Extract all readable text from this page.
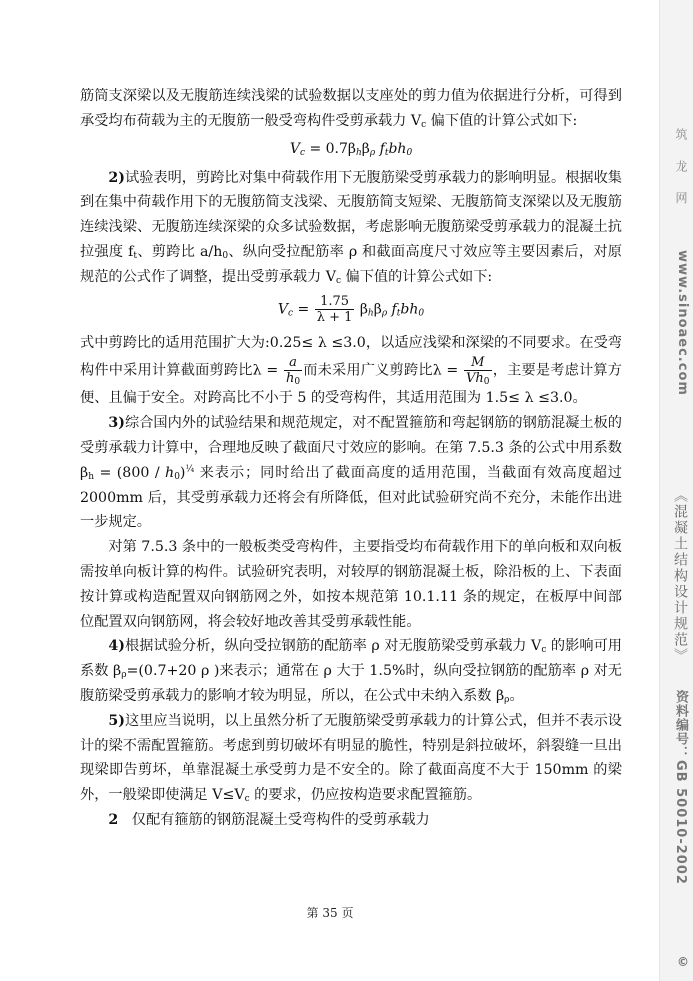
筋筒支深梁以及无腹筋连续浅梁的试验数据以支座处的剪力值为依据进行分析，可得到承受均布荷载为主的无腹筋一般受弯构件受剪承载力 $V_c$ 偏下值的计算公式如下:

$V_c = 0.7\beta_h\beta_\rho$ $f_tbh_0$

2)试验表明，剪跨比对集中荷载作用下无腹筋梁受剪承载力的影响明显。根据收集到在集中荷载作用下的无腹筋简支浅梁、无腹筋简支短梁、无腹筋简支深梁以及无腹筋连续浅梁、无腹筋连续深梁的众多试验数据，考虑影响无腹筋梁受剪承载力的混凝土抗拉强度 $f_t$、剪跨比 $a/h_0$、纵向受拉配筋率 ρ 和截面高度尺寸效应等主要因素后，对原规范的公式作了调整，提出受剪承载力 $V_c$ 偏下值的计算公式如下:

$V_c = \frac{1.75}{\lambda + 1} \beta_h\beta_\rho$ $f_tbh_0$

式中剪跨比的适用范围扩大为:0.25≤ λ ≤3.0，以适应浅梁和深梁的不同要求。在受弯构件中采用计算截面剪跨比$\lambda = \frac{a}{h_0}$ 而未采用广义剪跨比$\lambda = \frac{M}{Vh_0}$ ，主要是考虑计算方便、且偏于安全。对跨高比不小于 5 的受弯构件，其适用范围为 1.5≤ λ ≤3.0。

3)综合国内外的试验结果和规范规定，对不配置箍筋和弯起钢筋的钢筋混凝土板的受剪承载力计算中，合理地反映了截面尺寸效应的影响。在第 7.5.3 条的公式中用系数 $\beta_h = (800 / h_0)^{\frac{1}{4}}$ 来表示；同时给出了截面高度的适用范围，当截面有效高度超过 2000mm 后，其受剪承载力还将会有所降低，但对此试验研究尚不充分，未能作出进一步规定。

对第 7.5.3 条中的一般板类受弯构件，主要指受均布荷载作用下的单向板和双向板需按单向板计算的构件。试验研究表明，对较厚的钢筋混凝土板，除沿板的上、下表面按计算或构造配置双向钢筋网之外，如按本规范第 10.1.11 条的规定，在板厚中间部位配置双向钢筋网，将会较好地改善其受剪承载性能。

4)根据试验分析，纵向受拉钢筋的配筋率 ρ 对无腹筋梁受剪承载力 $V_c$ 的影响可用系数 $\beta_\rho=(0.7+20$ ρ )来表示；通常在 ρ 大于 1.5%时，纵向受拉钢筋的配筋率 ρ 对无腹筋梁受剪承载力的影响才较为明显，所以，在公式中未纳入系数 $\beta_\rho$。

5)这里应当说明，以上虽然分析了无腹筋梁受剪承载力的计算公式，但并不表示设计的梁不需配置箍筋。考虑到剪切破坏有明显的脆性，特别是斜拉破坏，斜裂缝一旦出现梁即告剪坏，单靠混凝土承受剪力是不安全的。除了截面高度不大于 150mm 的梁外，一般梁即使满足 $V\le V_c$ 的要求，仍应按构造要求配置箍筋。

2 仅配有箍筋的钢筋混凝土受弯构件的受剪承载力

第 35 页
筑 龙 网
www.sinoaec.com
《混凝土结构设计规范》
资料编号：GB 50010-2002
©
